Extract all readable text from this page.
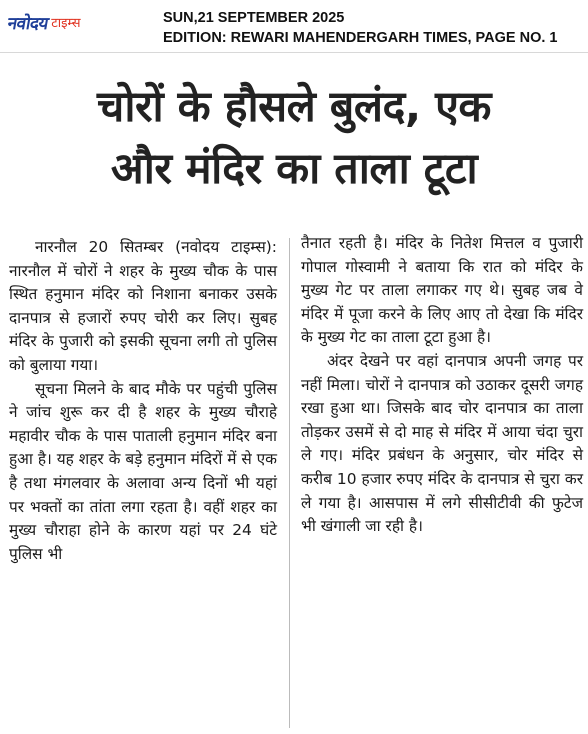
नवोदय टाइम्स	SUN,21 SEPTEMBER 2025
EDITION: REWARI MAHENDERGARH TIMES, PAGE NO. 1
चोरों के हौसले बुलंद, एक
और मंदिर का ताला टूटा

नारनौल 20 सितम्बर (नवोदय टाइम्स): नारनौल में चोरों ने शहर के मुख्य चौक के पास स्थित हनुमान मंदिर को निशाना बनाकर उसके दानपात्र से हजारों रुपए चोरी कर लिए। सुबह मंदिर के पुजारी को इसकी सूचना लगी तो पुलिस को बुलाया गया।

सूचना मिलने के बाद मौके पर पहुंची पुलिस ने जांच शुरू कर दी है शहर के मुख्य चौराहे महावीर चौक के पास पाताली हनुमान मंदिर बना हुआ है। यह शहर के बड़े हनुमान मंदिरों में से एक है तथा मंगलवार के अलावा अन्य दिनों भी यहां पर भक्तों का तांता लगा रहता है। वहीं शहर का मुख्य चौराहा होने के कारण यहां पर 24 घंटे पुलिस भी

तैनात रहती है। मंदिर के नितेश मित्तल व पुजारी गोपाल गोस्वामी ने बताया कि रात को मंदिर के मुख्य गेट पर ताला लगाकर गए थे। सुबह जब वे मंदिर में पूजा करने के लिए आए तो देखा कि मंदिर के मुख्य गेट का ताला टूटा हुआ है।

अंदर देखने पर वहां दानपात्र अपनी जगह पर नहीं मिला। चोरों ने दानपात्र को उठाकर दूसरी जगह रखा हुआ था। जिसके बाद चोर दानपात्र का ताला तोड़कर उसमें से दो माह से मंदिर में आया चंदा चुरा ले गए। मंदिर प्रबंधन के अनुसार, चोर मंदिर से करीब 10 हजार रुपए मंदिर के दानपात्र से चुरा कर ले गया है। आसपास में लगे सीसीटीवी की फुटेज भी खंगाली जा रही है।
